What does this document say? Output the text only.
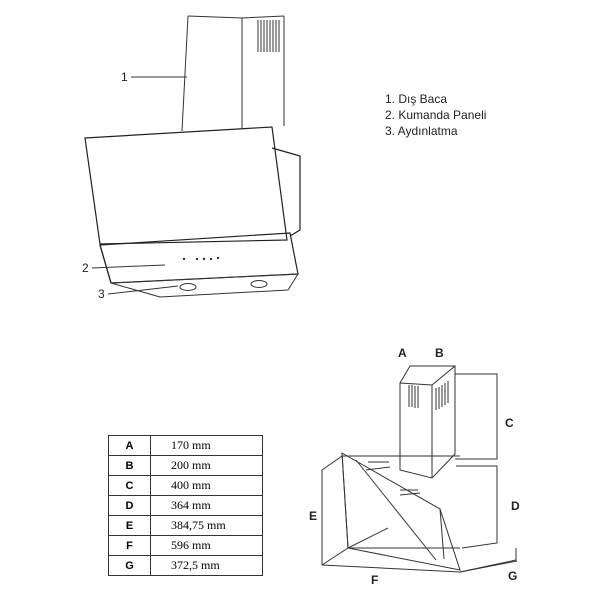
1
2
3
1. Dış Baca
2. Kumanda Paneli
3. Aydınlatma
A B
C
D
E
F	G
A	170 mm
B	200 mm
C	400 mm
D	364 mm
E	384,75 mm
F	596 mm
G	372,5 mm
